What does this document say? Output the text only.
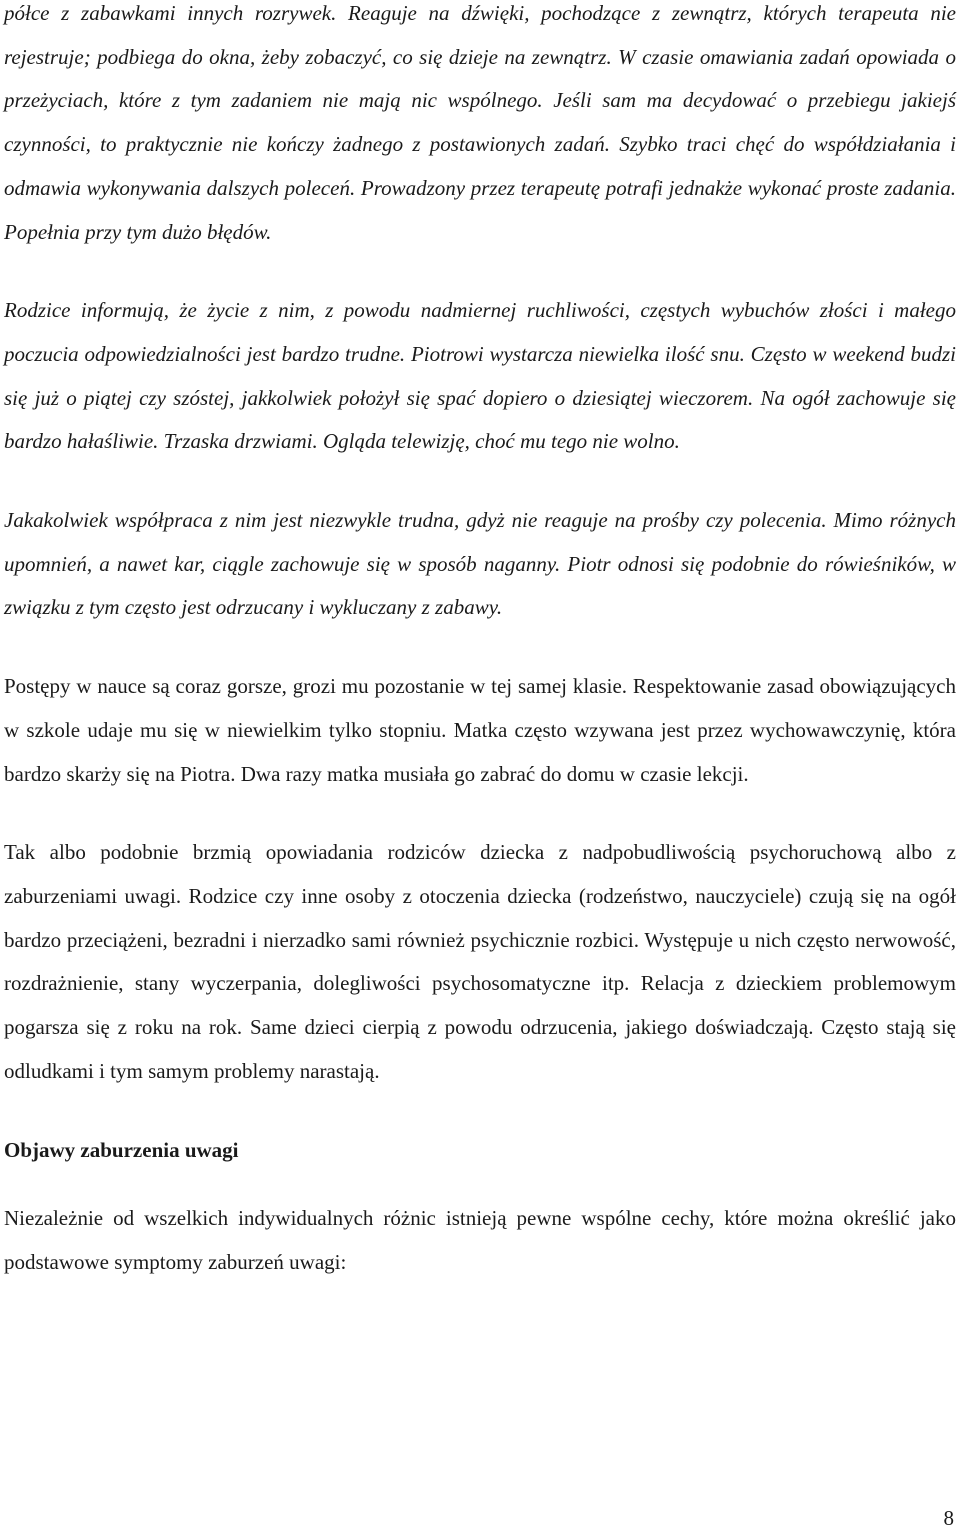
półce z zabawkami innych rozrywek. Reaguje na dźwięki, pochodzące z zewnątrz, których terapeuta nie rejestruje; podbiega do okna, żeby zobaczyć, co się dzieje na zewnątrz. W czasie omawiania zadań opowiada o przeżyciach, które z tym zadaniem nie mają nic wspólnego. Jeśli sam ma decydować o przebiegu jakiejś czynności, to praktycznie nie kończy żadnego z postawionych zadań. Szybko traci chęć do współdziałania i odmawia wykonywania dalszych poleceń. Prowadzony przez terapeutę potrafi jednakże wykonać proste zadania. Popełnia przy tym dużo błędów.

Rodzice informują, że życie z nim, z powodu nadmiernej ruchliwości, częstych wybuchów złości i małego poczucia odpowiedzialności jest bardzo trudne. Piotrowi wystarcza niewielka ilość snu. Często w weekend budzi się już o piątej czy szóstej, jakkolwiek położył się spać dopiero o dziesiątej wieczorem. Na ogół zachowuje się bardzo hałaśliwie. Trzaska drzwiami. Ogląda telewizję, choć mu tego nie wolno.

Jakakolwiek współpraca z nim jest niezwykle trudna, gdyż nie reaguje na prośby czy polecenia. Mimo różnych upomnień, a nawet kar, ciągle zachowuje się w sposób naganny. Piotr odnosi się podobnie do rówieśników, w związku z tym często jest odrzucany i wykluczany z zabawy.

Postępy w nauce są coraz gorsze, grozi mu pozostanie w tej samej klasie. Respektowanie zasad obowiązujących w szkole udaje mu się w niewielkim tylko stopniu. Matka często wzywana jest przez wychowawczynię, która bardzo skarży się na Piotra. Dwa razy matka musiała go zabrać do domu w czasie lekcji.

Tak albo podobnie brzmią opowiadania rodziców dziecka z nadpobudliwością psychoruchową albo z zaburzeniami uwagi. Rodzice czy inne osoby z otoczenia dziecka (rodzeństwo, nauczyciele) czują się na ogół bardzo przeciążeni, bezradni i nierzadko sami również psychicznie rozbici. Występuje u nich często nerwowość, rozdrażnienie, stany wyczerpania, dolegliwości psychosomatyczne itp. Relacja z dzieckiem problemowym pogarsza się z roku na rok. Same dzieci cierpią z powodu odrzucenia, jakiego doświadczają. Często stają się odludkami i tym samym problemy narastają.

Objawy zaburzenia uwagi

Niezależnie od wszelkich indywidualnych różnic istnieją pewne wspólne cechy, które można określić jako podstawowe symptomy zaburzeń uwagi:

8
